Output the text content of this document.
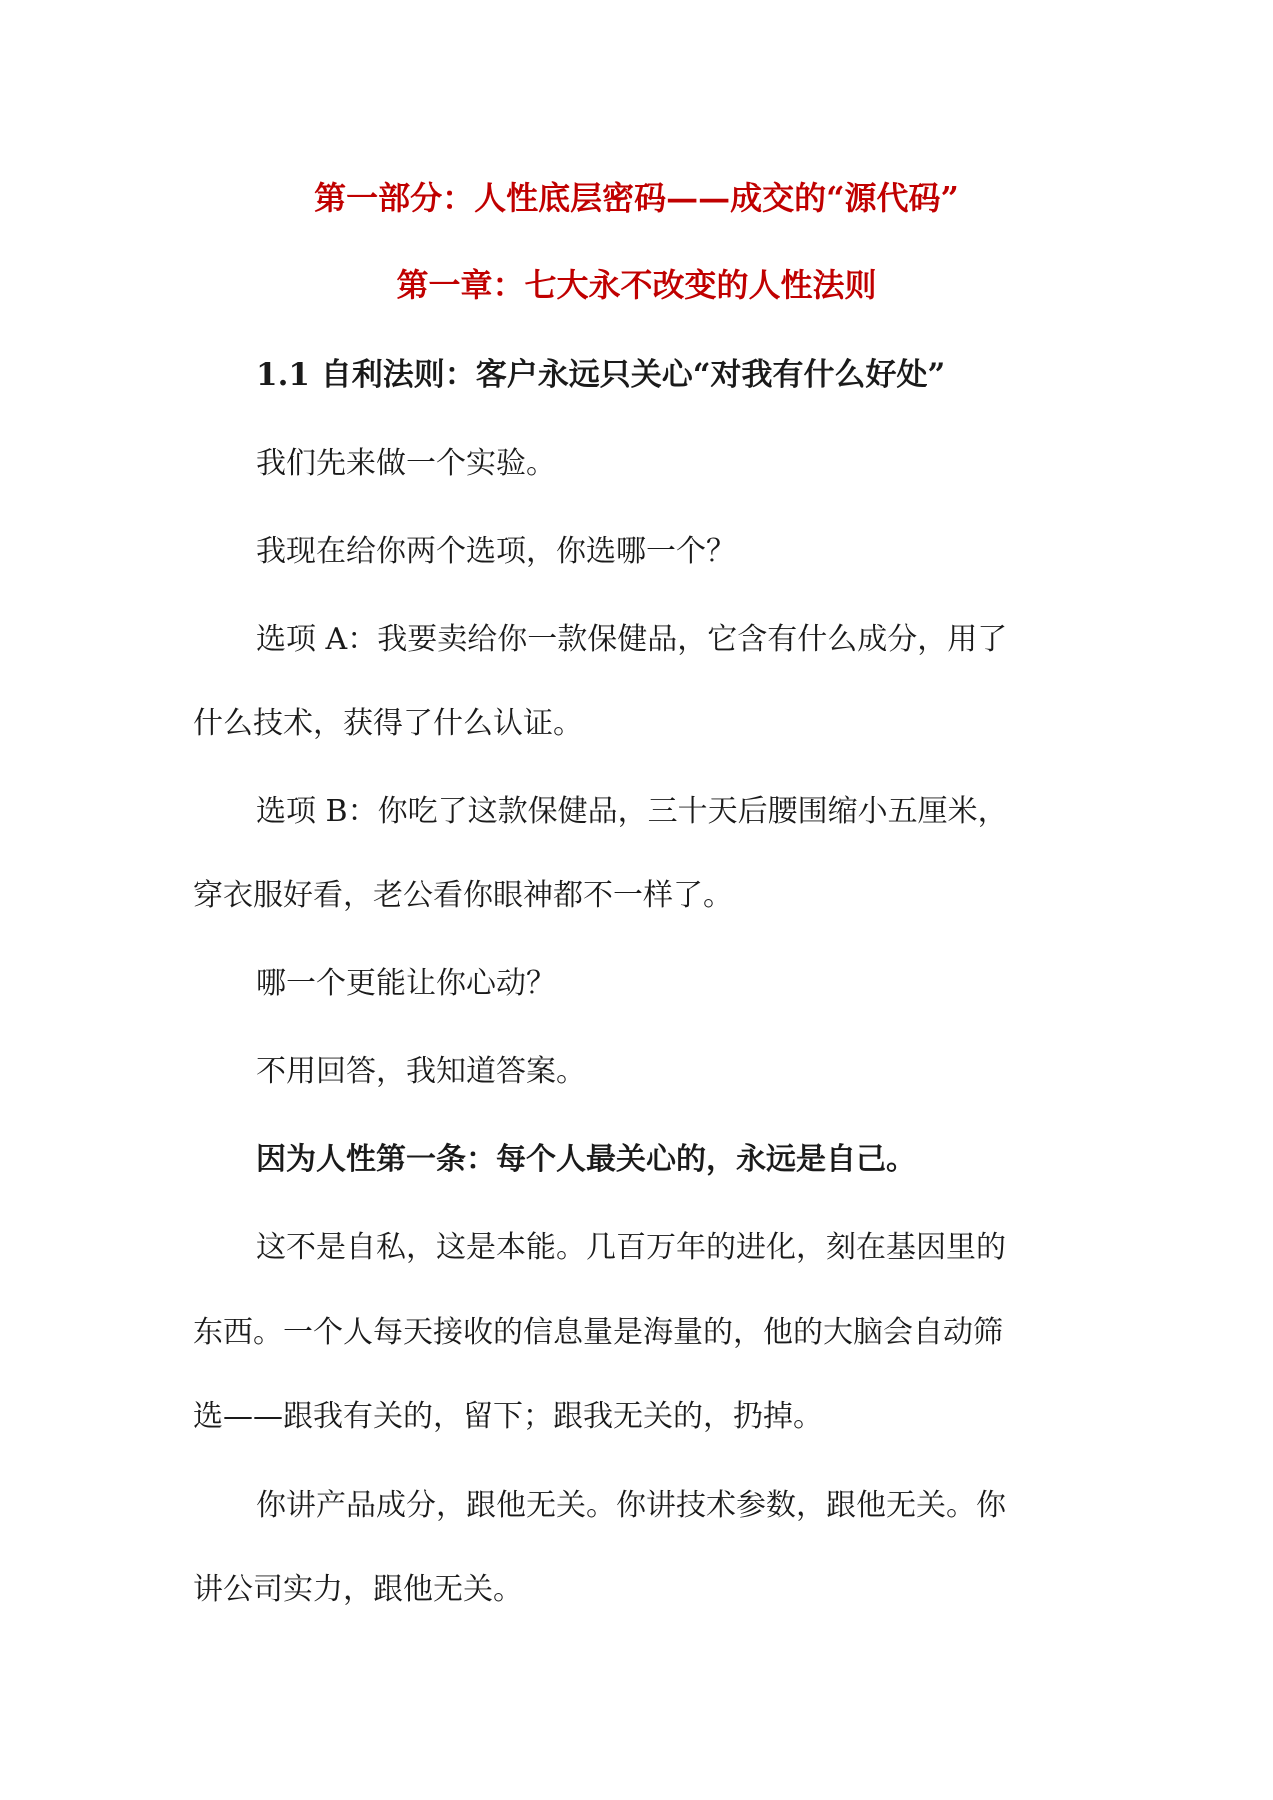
第一部分：人性底层密码——成交的“源代码”
第一章：七大永不改变的人性法则
1.1 自利法则：客户永远只关心“对我有什么好处”
我们先来做一个实验。
我现在给你两个选项，你选哪一个？
选项 A：我要卖给你一款保健品，它含有什么成分，用了
什么技术，获得了什么认证。
选项 B：你吃了这款保健品，三十天后腰围缩小五厘米，
穿衣服好看，老公看你眼神都不一样了。
哪一个更能让你心动？
不用回答，我知道答案。
因为人性第一条：每个人最关心的，永远是自己。
这不是自私，这是本能。几百万年的进化，刻在基因里的
东西。一个人每天接收的信息量是海量的，他的大脑会自动筛
选——跟我有关的，留下；跟我无关的，扔掉。
你讲产品成分，跟他无关。你讲技术参数，跟他无关。你
讲公司实力，跟他无关。
